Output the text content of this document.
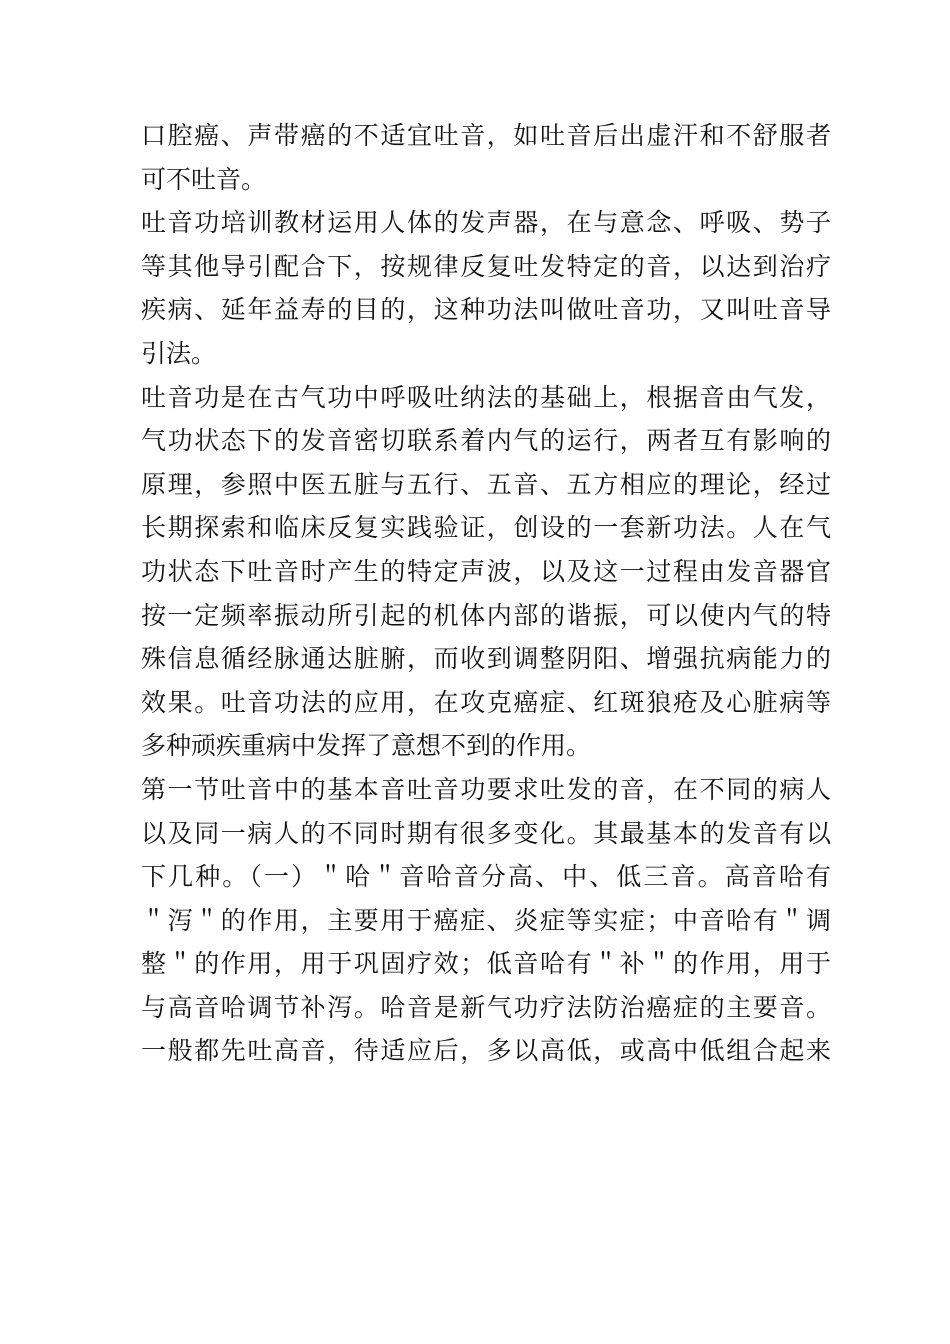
口腔癌、声带癌的不适宜吐音，如吐音后出虚汗和不舒服者
可不吐音。
吐音功培训教材运用人体的发声器，在与意念、呼吸、势子
等其他导引配合下，按规律反复吐发特定的音，以达到治疗
疾病、延年益寿的目的，这种功法叫做吐音功，又叫吐音导
引法。
吐音功是在古气功中呼吸吐纳法的基础上，根据音由气发，
气功状态下的发音密切联系着内气的运行，两者互有影响的
原理，参照中医五脏与五行、五音、五方相应的理论，经过
长期探索和临床反复实践验证，创设的一套新功法。人在气
功状态下吐音时产生的特定声波，以及这一过程由发音器官
按一定频率振动所引起的机体内部的谐振，可以使内气的特
殊信息循经脉通达脏腑，而收到调整阴阳、增强抗病能力的
效果。吐音功法的应用，在攻克癌症、红斑狼疮及心脏病等
多种顽疾重病中发挥了意想不到的作用。
第一节吐音中的基本音吐音功要求吐发的音，在不同的病人
以及同一病人的不同时期有很多变化。其最基本的发音有以
下几种。（一）＂哈＂音哈音分高、中、低三音。高音哈有
＂泻＂的作用，主要用于癌症、炎症等实症；中音哈有＂调
整＂的作用，用于巩固疗效；低音哈有＂补＂的作用，用于
与高音哈调节补泻。哈音是新气功疗法防治癌症的主要音。
一般都先吐高音，待适应后，多以高低，或高中低组合起来
